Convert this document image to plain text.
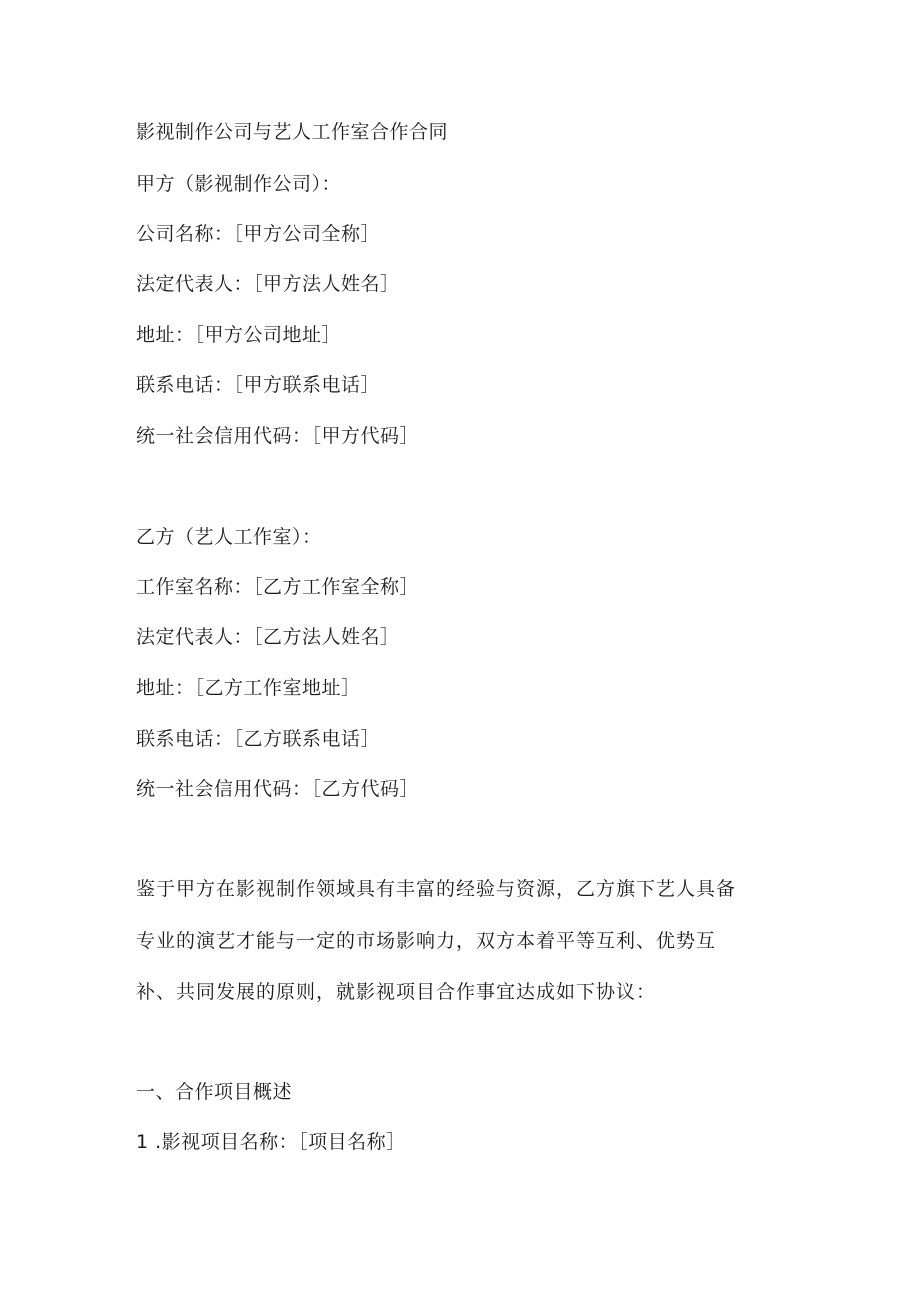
影视制作公司与艺人工作室合作合同
甲方（影视制作公司）：
公司名称：［甲方公司全称］
法定代表人：［甲方法人姓名］
地址：［甲方公司地址］
联系电话：［甲方联系电话］
统一社会信用代码：［甲方代码］
乙方（艺人工作室）：
工作室名称：［乙方工作室全称］
法定代表人：［乙方法人姓名］
地址：［乙方工作室地址］
联系电话：［乙方联系电话］
统一社会信用代码：［乙方代码］
鉴于甲方在影视制作领域具有丰富的经验与资源，乙方旗下艺人具备
专业的演艺才能与一定的市场影响力，双方本着平等互利、优势互
补、共同发展的原则，就影视项目合作事宜达成如下协议：
一、合作项目概述
1 .影视项目名称：［项目名称］
